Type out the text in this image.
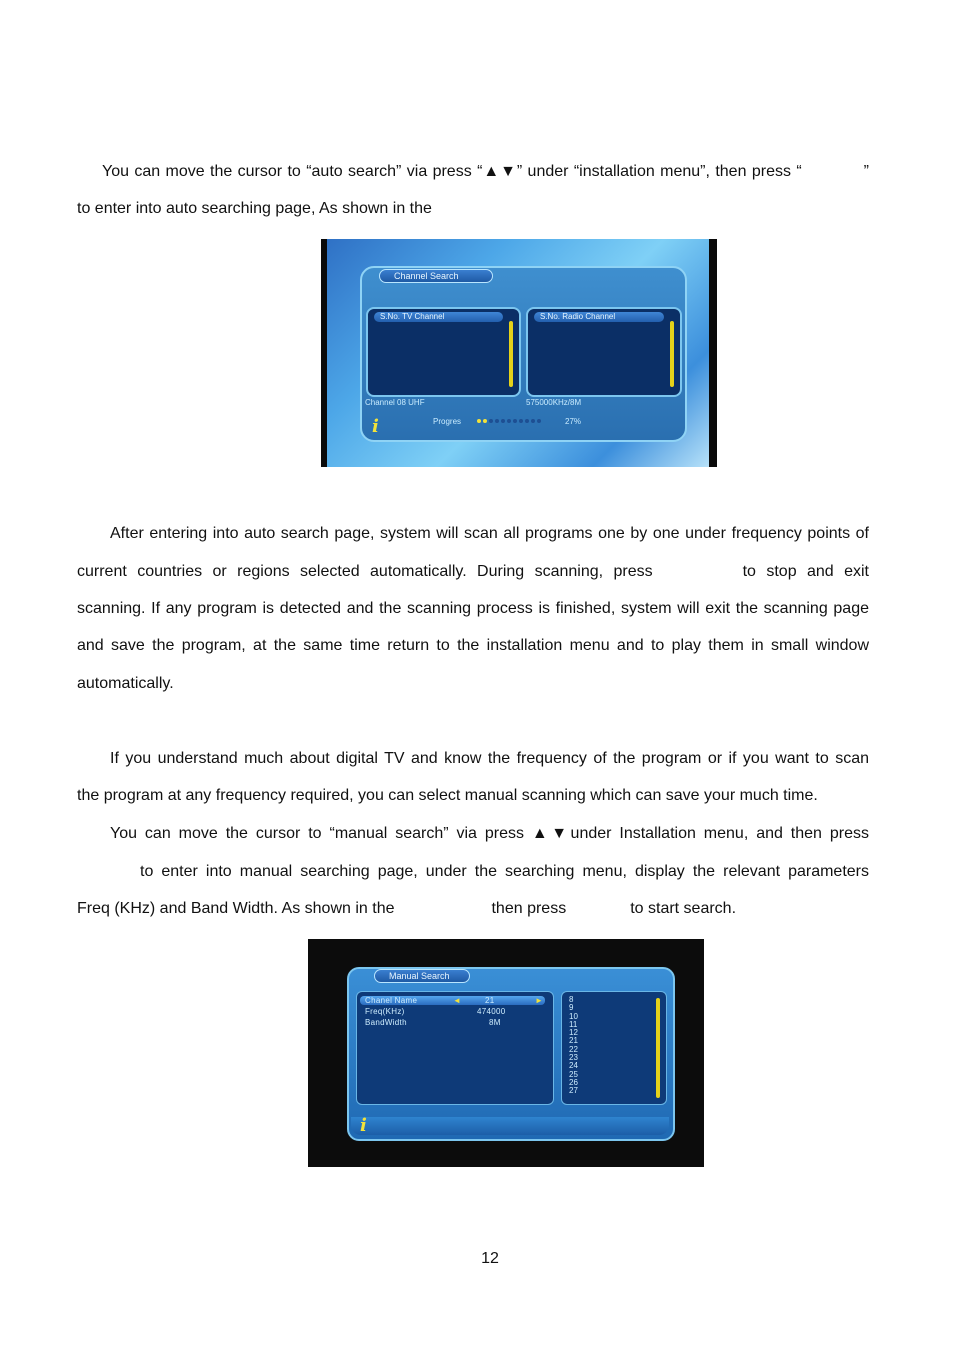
You can move the cursor to “auto search” via press “▲▼” under “installation menu”, then press “	”
to enter into auto searching page, As shown in the
Channel Search
S.No. TV Channel	S.No. Radio Channel
Channel 08 UHF	575000KHz/8M
Progres	27%
i
After entering into auto search page, system will scan all programs one by one under frequency points of
current countries or regions selected automatically. During scanning, press	to stop and exit
scanning. If any program is detected and the scanning process is finished, system will exit the scanning page
and save the program, at the same time return to the installation menu and to play them in small window
automatically.
If you understand much about digital TV and know the frequency of the program or if you want to scan
the program at any frequency required, you can select manual scanning which can save your much time.
You can move the cursor to “manual search” via press ▲▼under Installation menu, and then press
to enter into manual searching page, under the searching menu, display the relevant parameters
Freq (KHz) and Band Width. As shown in the	then press	to start search.
Manual Search
Chanel Name	◄	21	►
Freq(KHz)	474000
BandWidth	8M
8
9
10
11
12
21
22
23
24
25
26
27
i
12
